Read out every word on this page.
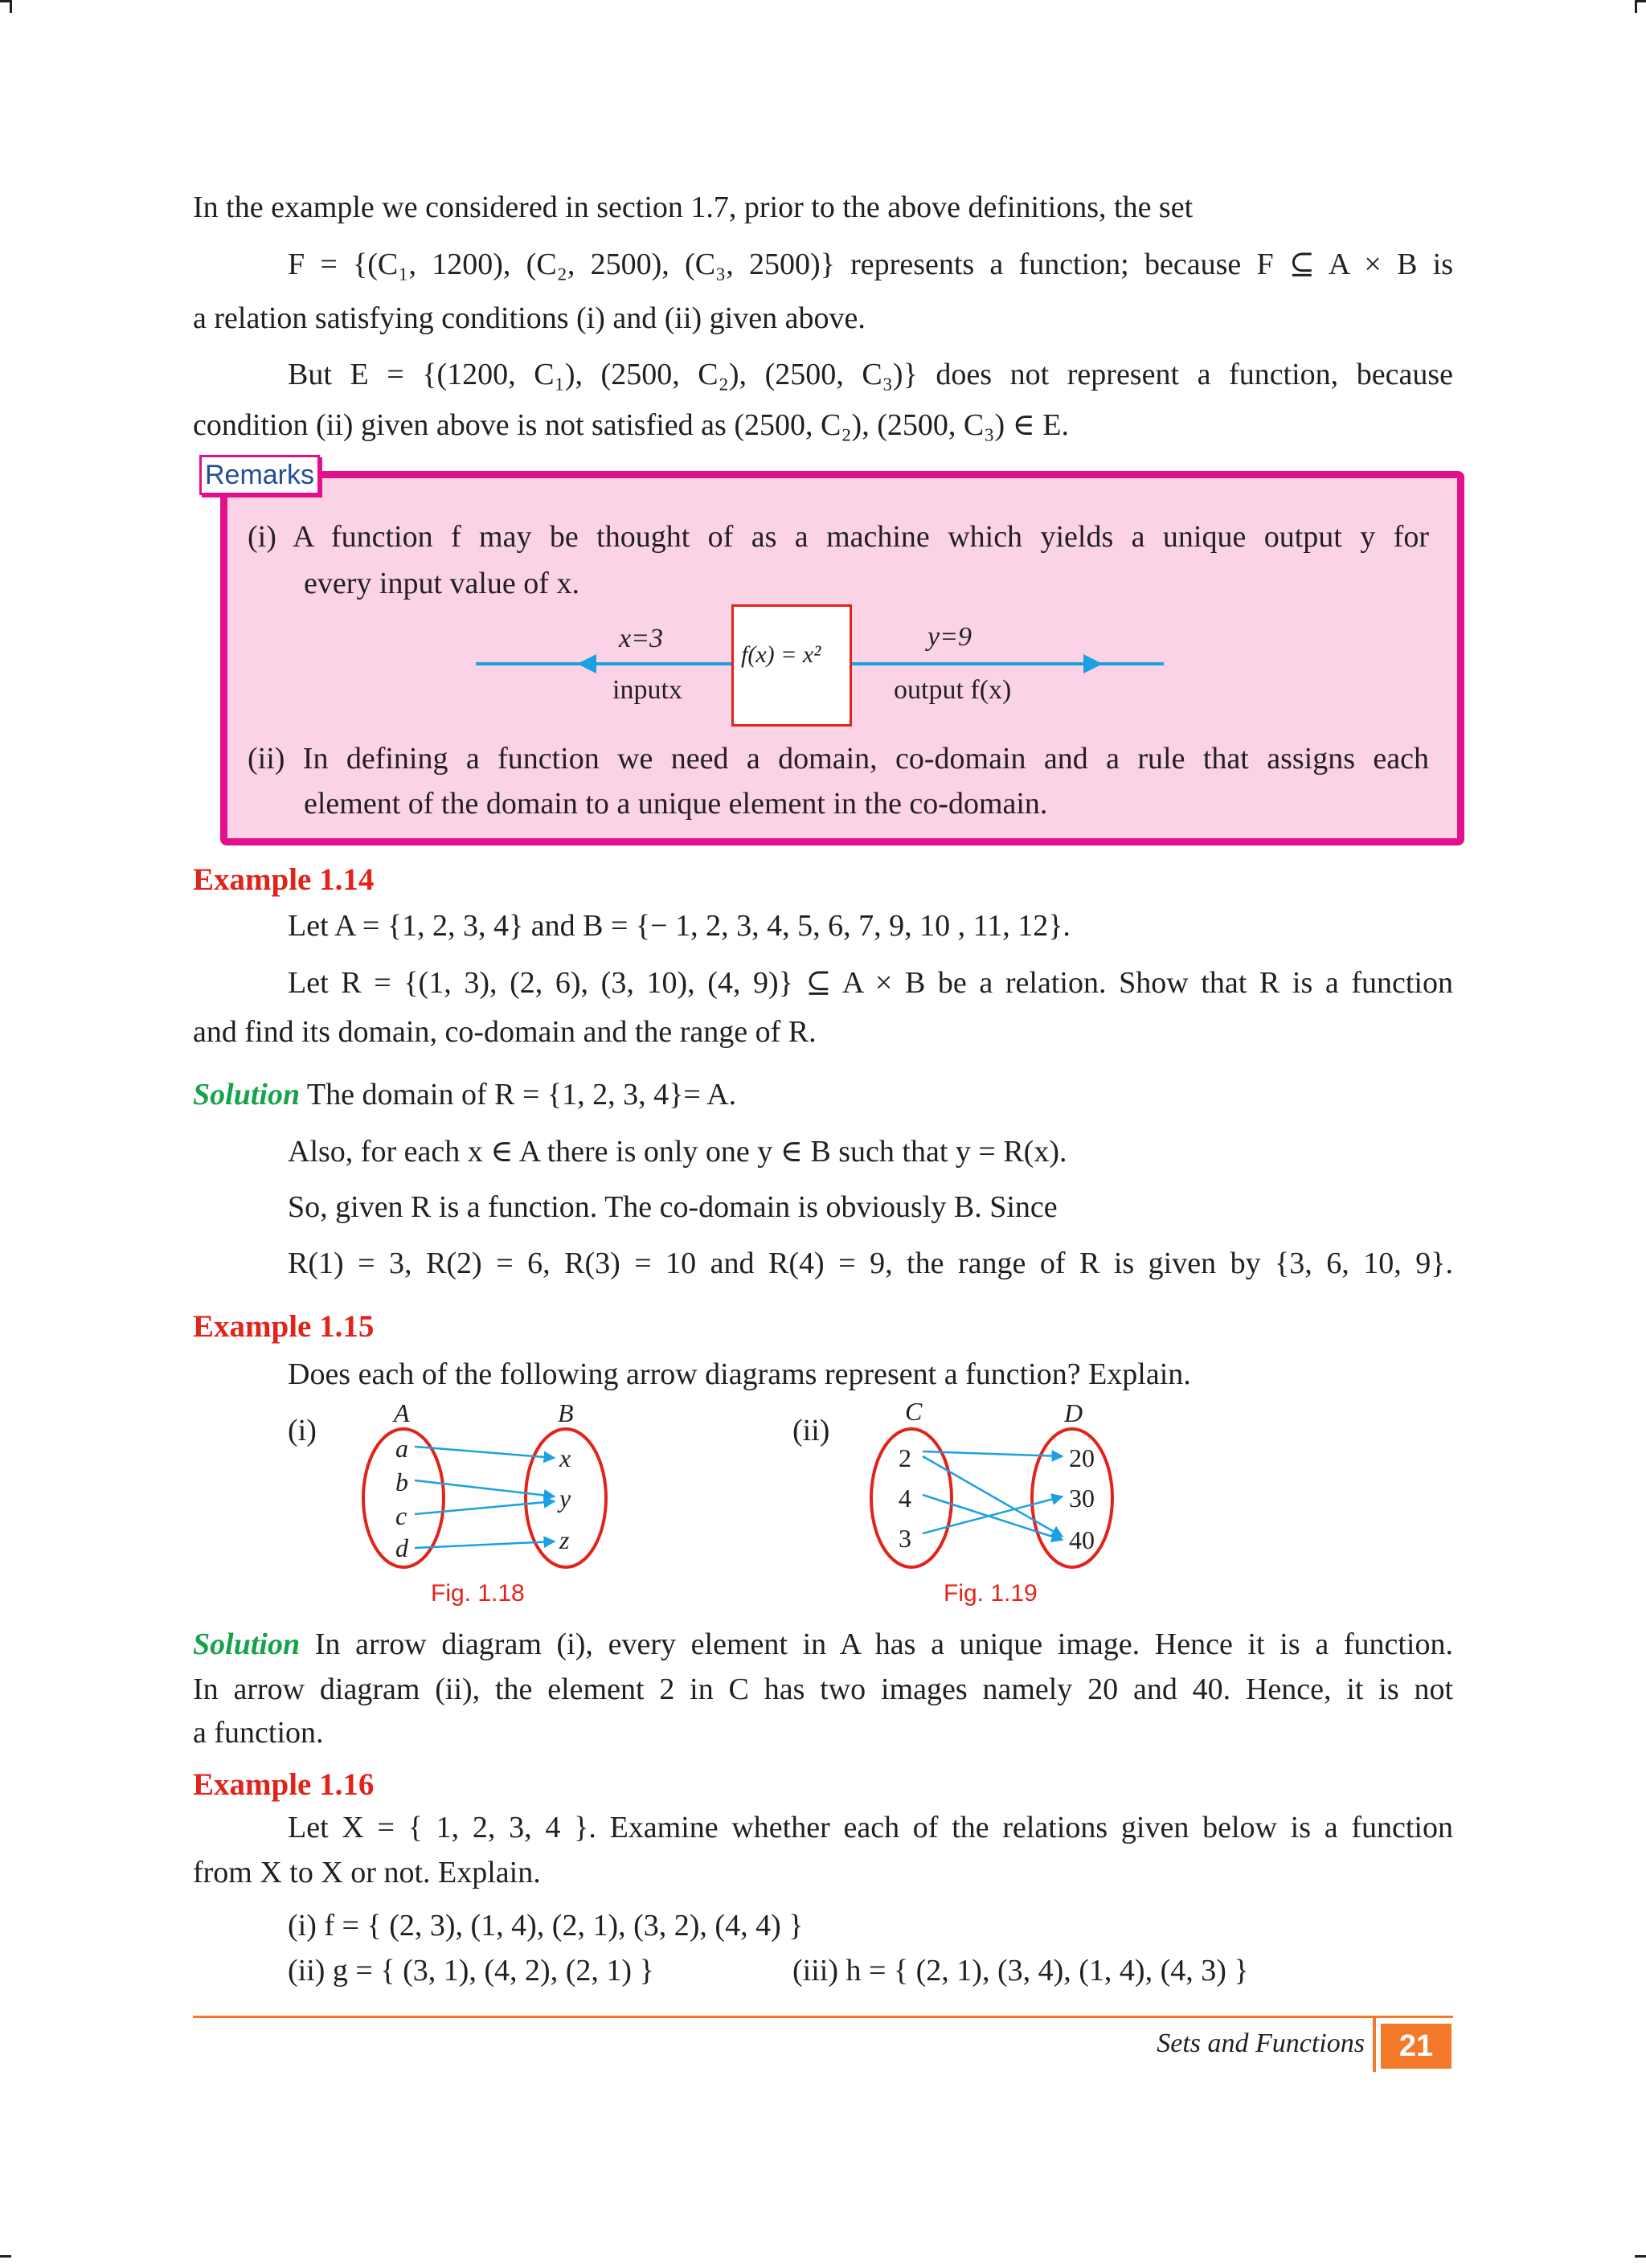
In the example we considered in section 1.7, prior to the above definitions, the set
F = {(C₁, 1200), (C₂, 2500), (C₃, 2500)} represents a function; because F ⊆ A × B is
a relation satisfying conditions (i) and (ii) given above.
But E = {(1200, C₁), (2500, C₂), (2500, C₃)} does not represent a function, because
condition (ii) given above is not satisfied as (2500, C₂), (2500, C₃) ∈ E.
Remarks
(i) A function f may be thought of as a machine which yields a unique output y for
every input value of x.
f(x) = x²
x=3
inputx
y=9
output f(x)
(ii) In defining a function we need a domain, co-domain and a rule that assigns each
element of the domain to a unique element in the co-domain.
Example 1.14
Let A = {1, 2, 3, 4} and B = {− 1, 2, 3, 4, 5, 6, 7, 9, 10 , 11, 12}.
Let R = {(1, 3), (2, 6), (3, 10), (4, 9)} ⊆ A × B be a relation. Show that R is a function
and find its domain, co-domain and the range of R.
Solution The domain of R = {1, 2, 3, 4}= A.
Also, for each x ∈ A there is only one y ∈ B such that y = R(x).
So, given R is a function. The co-domain is obviously B. Since
R(1) = 3, R(2) = 6, R(3) = 10 and R(4) = 9, the range of R is given by {3, 6, 10, 9}.
Example 1.15
Does each of the following arrow diagrams represent a function? Explain.
(i)
A	B
a
b
c
d
x
y
z
Fig. 1.18
(ii)
C	D
2
4
3
20
30
40
Fig. 1.19
Solution In arrow diagram (i), every element in A has a unique image. Hence it is a function.
In arrow diagram (ii), the element 2 in C has two images namely 20 and 40. Hence, it is not
a function.
Example 1.16
Let X = { 1, 2, 3, 4 }. Examine whether each of the relations given below is a function
from X to X or not. Explain.
(i) f = { (2, 3), (1, 4), (2, 1), (3, 2), (4, 4) }
(ii) g = { (3, 1), (4, 2), (2, 1) }	(iii) h = { (2, 1), (3, 4), (1, 4), (4, 3) }
Sets and Functions	21
